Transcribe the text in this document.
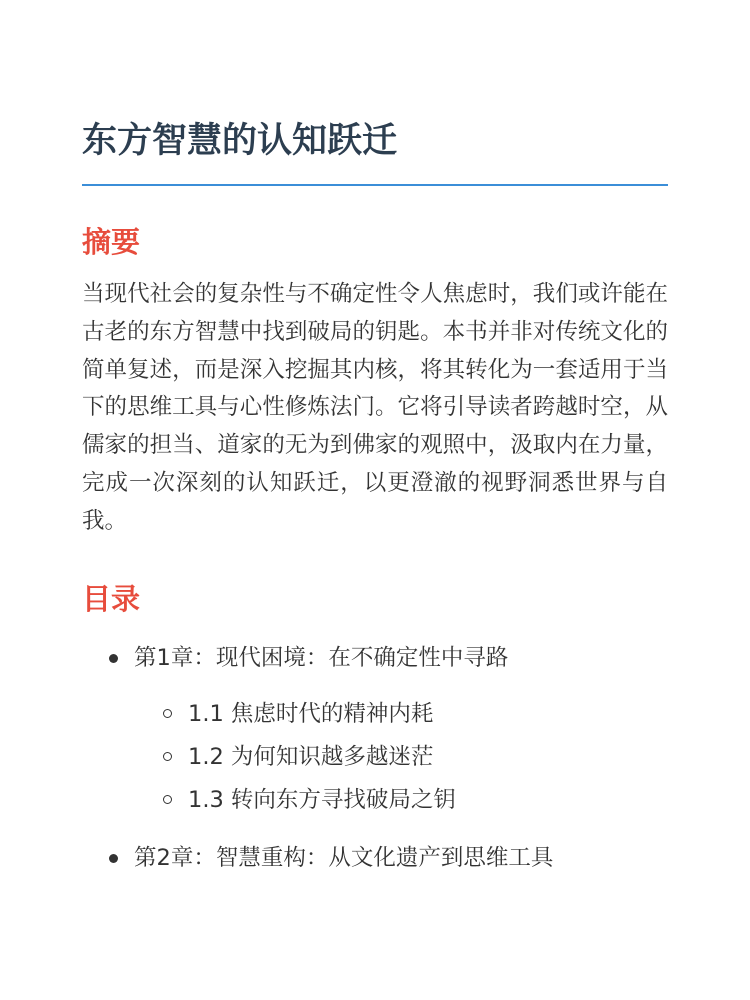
东方智慧的认知跃迁
摘要

当现代社会的复杂性与不确定性令人焦虑时，我们或许能在古老的东方智慧中找到破局的钥匙。本书并非对传统文化的简单复述，而是深入挖掘其内核，将其转化为一套适用于当下的思维工具与心性修炼法门。它将引导读者跨越时空，从儒家的担当、道家的无为到佛家的观照中，汲取内在力量，完成一次深刻的认知跃迁，以更澄澈的视野洞悉世界与自我。

目录
第1章：现代困境：在不确定性中寻路
1.1 焦虑时代的精神内耗
1.2 为何知识越多越迷茫
1.3 转向东方寻找破局之钥
第2章：智慧重构：从文化遗产到思维工具
